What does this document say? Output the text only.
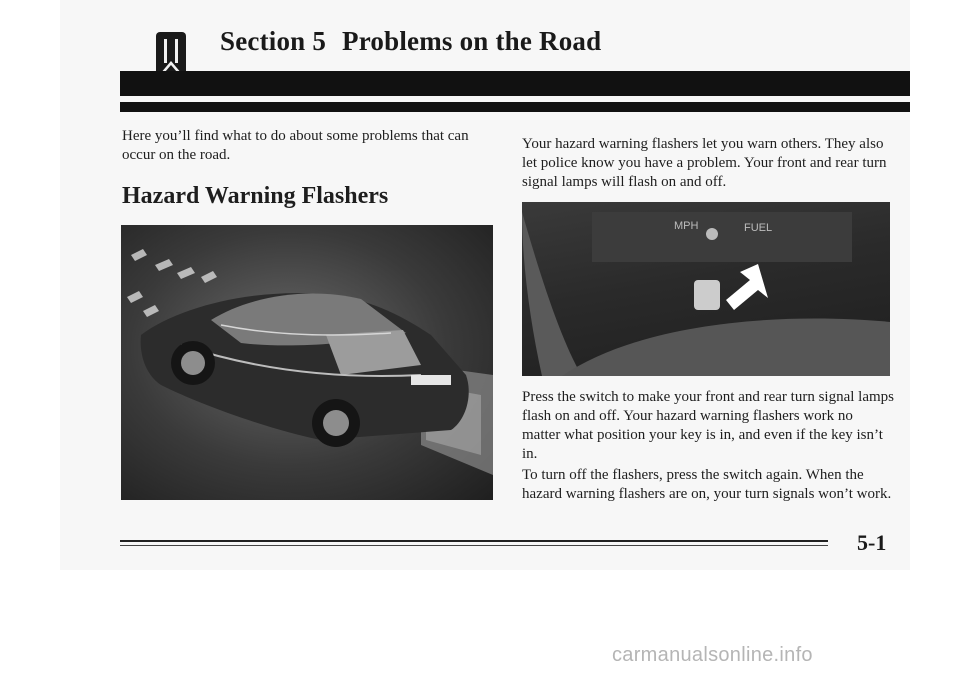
Section 5 Problems on the Road

Here you’ll find what to do about some problems that can occur on the road.

Hazard Warning Flashers

Your hazard warning flashers let you warn others. They also let police know you have a problem. Your front and rear turn signal lamps will flash on and off.

MPH	FUEL

Press the switch to make your front and rear turn signal lamps flash on and off. Your hazard warning flashers work no matter what position your key is in, and even if the key isn’t in.

To turn off the flashers, press the switch again. When the hazard warning flashers are on, your turn signals won’t work.

5-1

carmanualsonline.info
